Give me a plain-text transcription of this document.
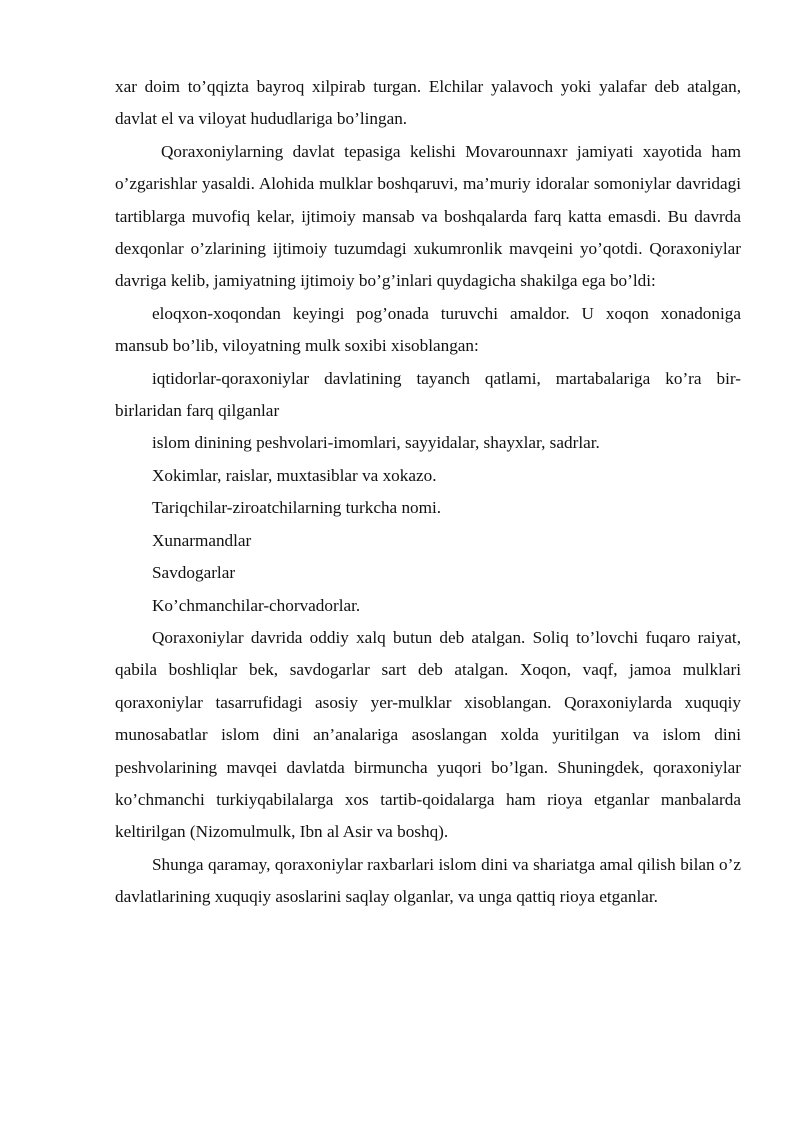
xar doim to’qqizta bayroq xilpirab turgan. Elchilar yalavoch yoki yalafar deb atalgan, davlat el va viloyat hududlariga bo’lingan.

Qoraxoniylarning davlat tepasiga kelishi Movarounnaxr jamiyati xayotida ham o’zgarishlar yasaldi. Alohida mulklar boshqaruvi, ma’muriy idoralar somoniylar davridagi tartiblarga muvofiq kelar, ijtimoiy mansab va boshqalarda farq katta emasdi. Bu davrda dexqonlar o’zlarining ijtimoiy tuzumdagi xukumronlik mavqeini yo’qotdi. Qoraxoniylar davriga kelib, jamiyatning ijtimoiy bo’g’inlari quydagicha shakilga ega bo’ldi:

eloqxon-xoqondan keyingi pog’onada turuvchi amaldor. U xoqon xonadoniga mansub bo’lib, viloyatning mulk soxibi xisoblangan:

iqtidorlar-qoraxoniylar davlatining tayanch qatlami, martabalariga ko’ra bir-birlaridan farq qilganlar

islom dinining peshvolari-imomlari, sayyidalar, shayxlar, sadrlar.

Xokimlar, raislar, muxtasiblar va xokazo.

Tariqchilar-ziroatchilarning turkcha nomi.

Xunarmandlar

Savdogarlar

Ko’chmanchilar-chorvadorlar.

Qoraxoniylar davrida oddiy xalq butun deb atalgan. Soliq to’lovchi fuqaro raiyat, qabila boshliqlar bek, savdogarlar sart deb atalgan. Xoqon, vaqf, jamoa mulklari qoraxoniylar tasarrufidagi asosiy yer-mulklar xisoblangan. Qoraxoniylarda xuquqiy munosabatlar islom dini an’analariga asoslangan xolda yuritilgan va islom dini peshvolarining mavqei davlatda birmuncha yuqori bo’lgan. Shuningdek, qoraxoniylar ko’chmanchi turkiyqabilalarga xos tartib-qoidalarga ham rioya etganlar manbalarda keltirilgan (Nizomulmulk, Ibn al Asir va boshq).

Shunga qaramay, qoraxoniylar raxbarlari islom dini va shariatga amal qilish bilan o’z davlatlarining xuquqiy asoslarini saqlay olganlar, va unga qattiq rioya etganlar.
